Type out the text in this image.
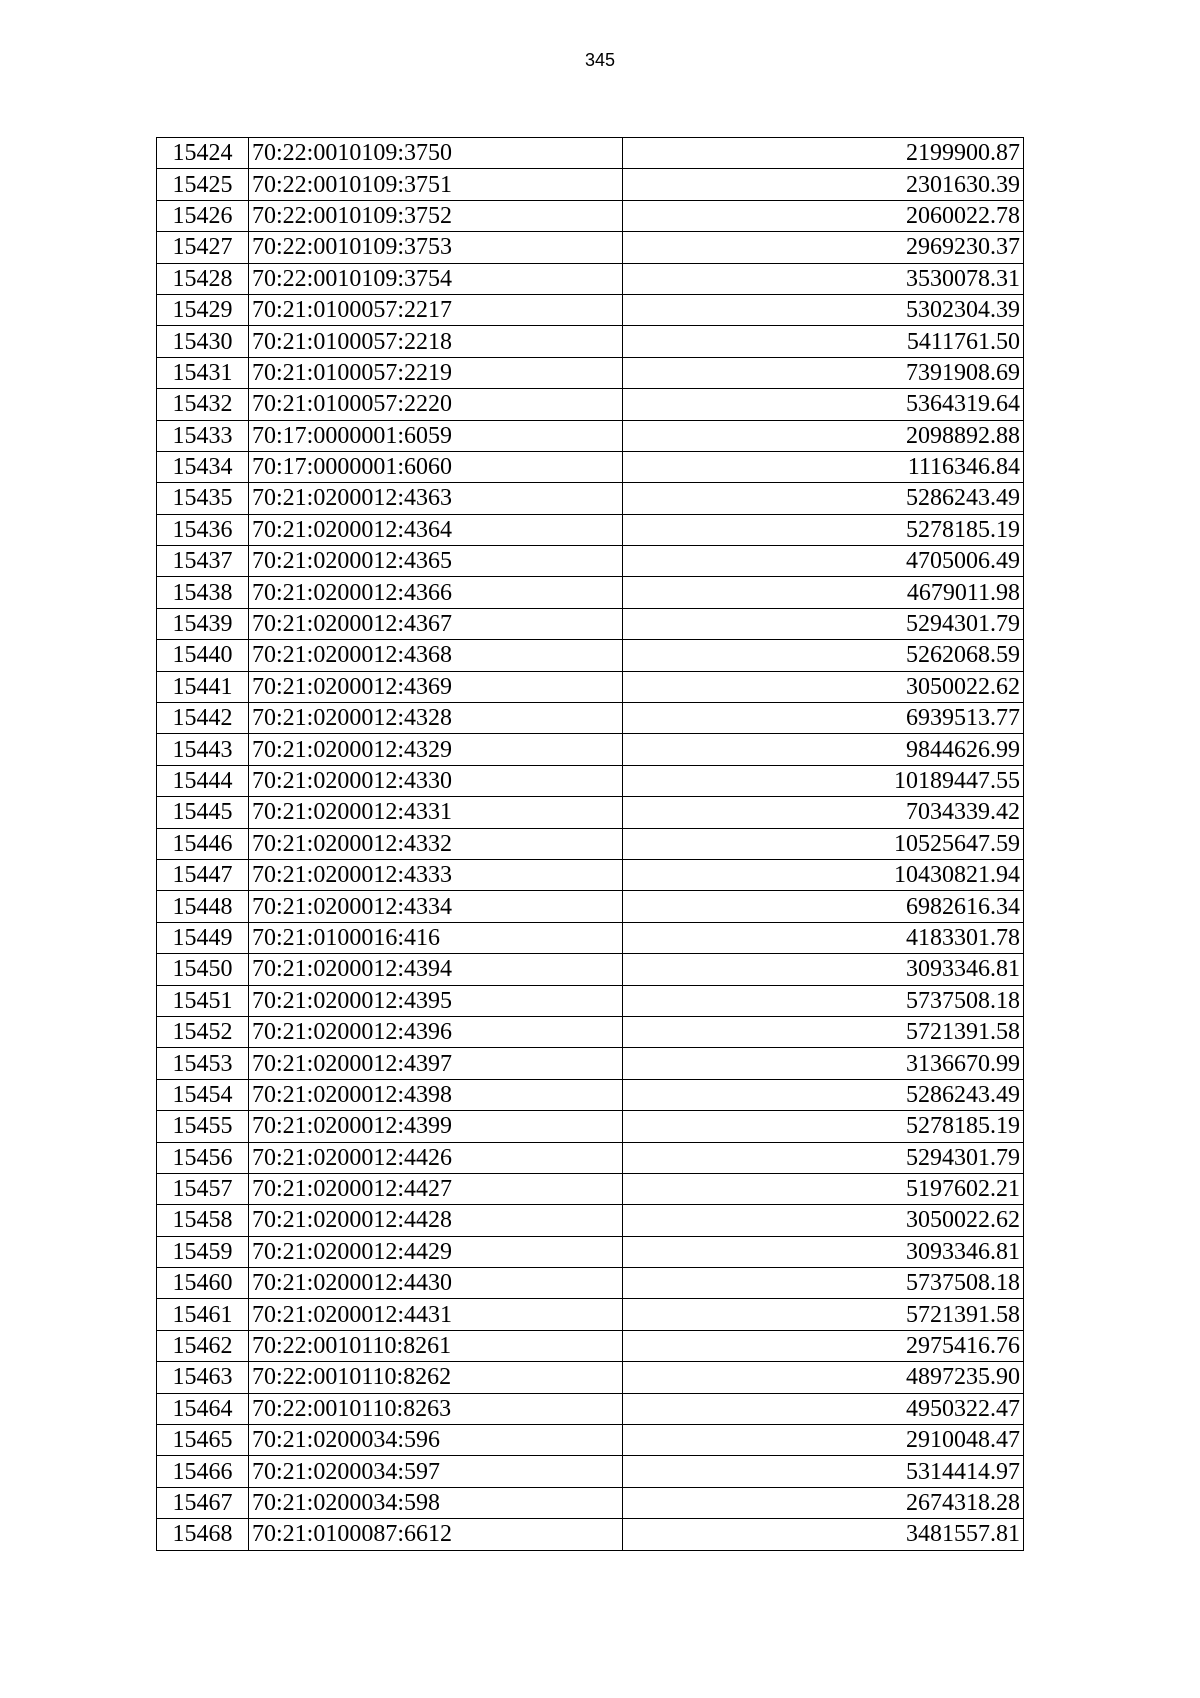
345
15424	70:22:0010109:3750	2199900.87
15425	70:22:0010109:3751	2301630.39
15426	70:22:0010109:3752	2060022.78
15427	70:22:0010109:3753	2969230.37
15428	70:22:0010109:3754	3530078.31
15429	70:21:0100057:2217	5302304.39
15430	70:21:0100057:2218	5411761.50
15431	70:21:0100057:2219	7391908.69
15432	70:21:0100057:2220	5364319.64
15433	70:17:0000001:6059	2098892.88
15434	70:17:0000001:6060	1116346.84
15435	70:21:0200012:4363	5286243.49
15436	70:21:0200012:4364	5278185.19
15437	70:21:0200012:4365	4705006.49
15438	70:21:0200012:4366	4679011.98
15439	70:21:0200012:4367	5294301.79
15440	70:21:0200012:4368	5262068.59
15441	70:21:0200012:4369	3050022.62
15442	70:21:0200012:4328	6939513.77
15443	70:21:0200012:4329	9844626.99
15444	70:21:0200012:4330	10189447.55
15445	70:21:0200012:4331	7034339.42
15446	70:21:0200012:4332	10525647.59
15447	70:21:0200012:4333	10430821.94
15448	70:21:0200012:4334	6982616.34
15449	70:21:0100016:416	4183301.78
15450	70:21:0200012:4394	3093346.81
15451	70:21:0200012:4395	5737508.18
15452	70:21:0200012:4396	5721391.58
15453	70:21:0200012:4397	3136670.99
15454	70:21:0200012:4398	5286243.49
15455	70:21:0200012:4399	5278185.19
15456	70:21:0200012:4426	5294301.79
15457	70:21:0200012:4427	5197602.21
15458	70:21:0200012:4428	3050022.62
15459	70:21:0200012:4429	3093346.81
15460	70:21:0200012:4430	5737508.18
15461	70:21:0200012:4431	5721391.58
15462	70:22:0010110:8261	2975416.76
15463	70:22:0010110:8262	4897235.90
15464	70:22:0010110:8263	4950322.47
15465	70:21:0200034:596	2910048.47
15466	70:21:0200034:597	5314414.97
15467	70:21:0200034:598	2674318.28
15468	70:21:0100087:6612	3481557.81
